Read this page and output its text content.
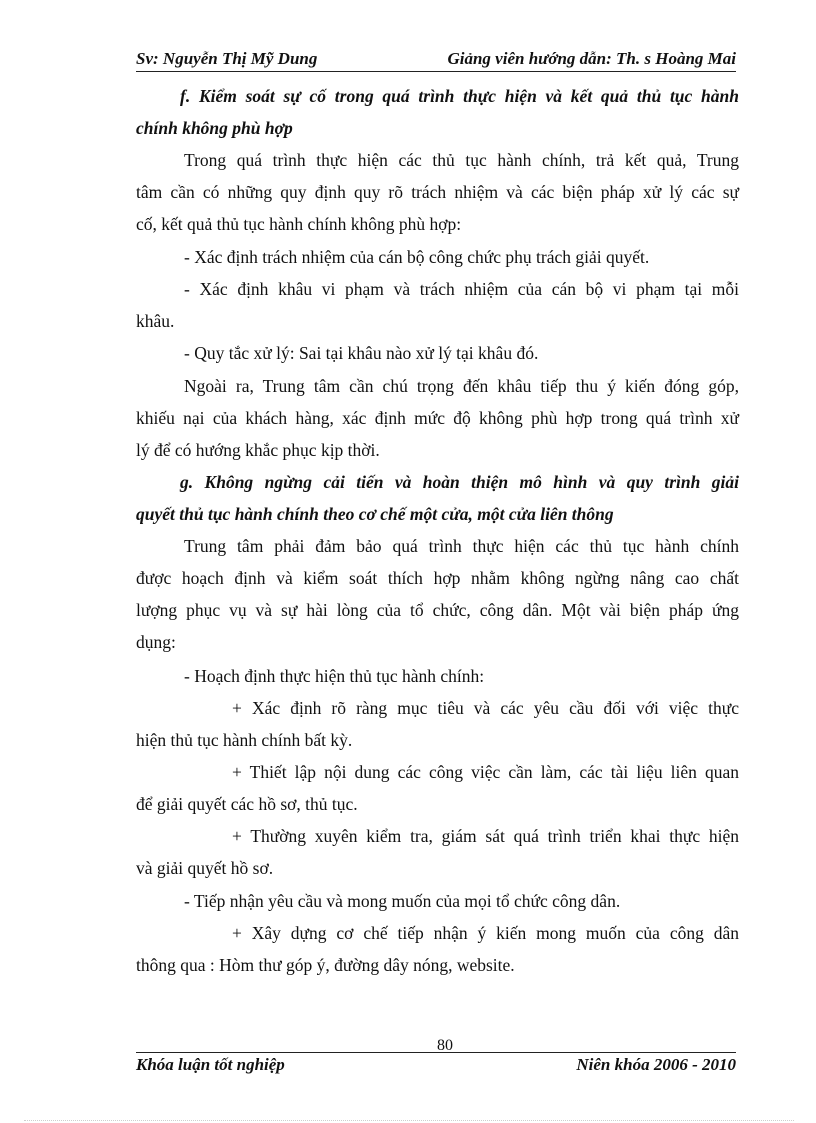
Sv: Nguyễn Thị Mỹ Dung	Giảng viên hướng dẫn: Th. s Hoàng Mai
f. Kiểm soát sự cố trong quá trình thực hiện và kết quả thủ tục hành
chính không phù hợp
Trong quá trình thực hiện các thủ tục hành chính, trả kết quả, Trung
tâm cần có những quy định quy rõ trách nhiệm và các biện pháp xử lý các sự
cố, kết quả thủ tục hành chính không phù hợp:
- Xác định trách nhiệm của cán bộ công chức phụ trách giải quyết.
- Xác định khâu vi phạm và trách nhiệm của cán bộ vi phạm tại mỗi
khâu.
- Quy tắc xử lý: Sai tại khâu nào xử lý tại khâu đó.
Ngoài ra, Trung tâm cần chú trọng đến khâu tiếp thu ý kiến đóng góp,
khiếu nại của khách hàng, xác định mức độ không phù hợp trong quá trình xử
lý để có hướng khắc phục kịp thời.
g. Không ngừng cải tiến và hoàn thiện mô hình và quy trình giải
quyết thủ tục hành chính theo cơ chế một cửa, một cửa liên thông
Trung tâm phải đảm bảo quá trình thực hiện các thủ tục hành chính
được hoạch định và kiểm soát thích hợp nhằm không ngừng nâng cao chất
lượng phục vụ và sự hài lòng của tổ chức, công dân. Một vài biện pháp ứng
dụng:
- Hoạch định thực hiện thủ tục hành chính:
+ Xác định rõ ràng mục tiêu và các yêu cầu đối với việc thực
hiện thủ tục hành chính bất kỳ.
+ Thiết lập nội dung các công việc cần làm, các tài liệu liên quan
để giải quyết các hồ sơ, thủ tục.
+ Thường xuyên kiểm tra, giám sát quá trình triển khai thực hiện
và giải quyết hồ sơ.
- Tiếp nhận yêu cầu và mong muốn của mọi tổ chức công dân.
+ Xây dựng cơ chế tiếp nhận ý kiến mong muốn của công dân
thông qua : Hòm thư góp ý, đường dây nóng, website.
80
Khóa luận tốt nghiệp	Niên khóa 2006 - 2010
